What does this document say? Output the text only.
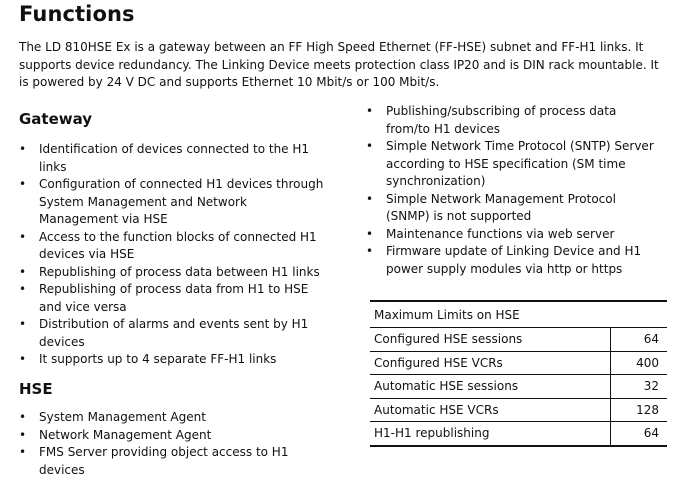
Functions
The LD 810HSE Ex is a gateway between an FF High Speed Ethernet (FF-HSE) subnet and FF-H1 links. It supports device redundancy. The Linking Device meets protection class IP20 and is DIN rack mountable. It is powered by 24 V DC and supports Ethernet 10 Mbit/s or 100 Mbit/s.
Gateway
• Identification of devices connected to the H1 links
• Configuration of connected H1 devices through System Management and Network Management via HSE
• Access to the function blocks of connected H1 devices via HSE
• Republishing of process data between H1 links
• Republishing of process data from H1 to HSE and vice versa
• Distribution of alarms and events sent by H1 devices
• It supports up to 4 separate FF-H1 links
HSE
• System Management Agent
• Network Management Agent
• FMS Server providing object access to H1 devices
• Publishing/subscribing of process data from/to H1 devices
• Simple Network Time Protocol (SNTP) Server according to HSE specification (SM time synchronization)
• Simple Network Management Protocol (SNMP) is not supported
• Maintenance functions via web server
• Firmware update of Linking Device and H1 power supply modules via http or https
Maximum Limits on HSE	
Configured HSE sessions	64
Configured HSE VCRs	400
Automatic HSE sessions	32
Automatic HSE VCRs	128
H1-H1 republishing	64
